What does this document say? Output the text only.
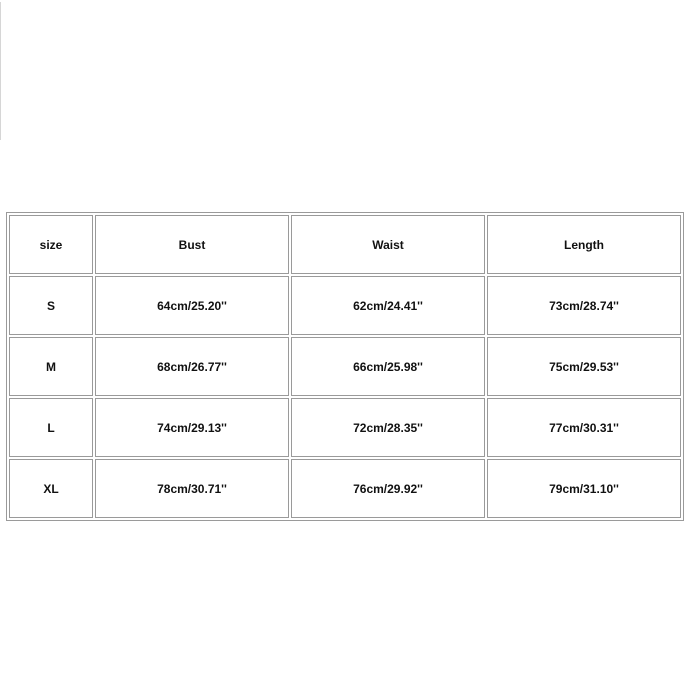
size	Bust	Waist	Length
S	64cm/25.20''	62cm/24.41''	73cm/28.74''
M	68cm/26.77''	66cm/25.98''	75cm/29.53''
L	74cm/29.13''	72cm/28.35''	77cm/30.31''
XL	78cm/30.71''	76cm/29.92''	79cm/31.10''
